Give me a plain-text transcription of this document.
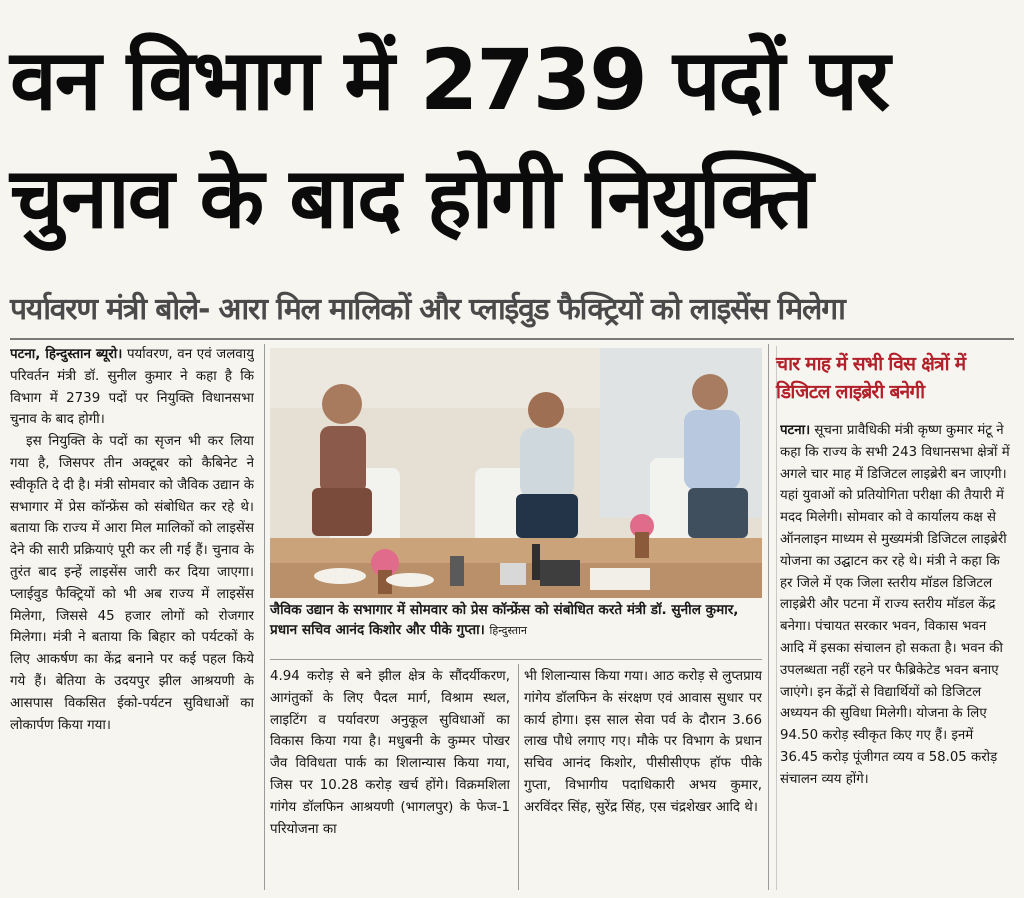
वन विभाग में 2739 पदों पर
चुनाव के बाद होगी नियुक्ति
पर्यावरण मंत्री बोले- आरा मिल मालिकों और प्लाईवुड फैक्ट्रियों को लाइसेंस मिलेगा

पटना, हिन्दुस्तान ब्यूरो। पर्यावरण, वन एवं जलवायु परिवर्तन मंत्री डॉ. सुनील कुमार ने कहा है कि विभाग में 2739 पदों पर नियुक्ति विधानसभा चुनाव के बाद होगी।

इस नियुक्ति के पदों का सृजन भी कर लिया गया है, जिसपर तीन अक्टूबर को कैबिनेट ने स्वीकृति दे दी है। मंत्री सोमवार को जैविक उद्यान के सभागार में प्रेस कॉन्फ्रेंस को संबोधित कर रहे थे। बताया कि राज्य में आरा मिल मालिकों को लाइसेंस देने की सारी प्रक्रियाएं पूरी कर ली गई हैं। चुनाव के तुरंत बाद इन्हें लाइसेंस जारी कर दिया जाएगा। प्लाईवुड फैक्ट्रियों को भी अब राज्य में लाइसेंस मिलेगा, जिससे 45 हजार लोगों को रोजगार मिलेगा। मंत्री ने बताया कि बिहार को पर्यटकों के लिए आकर्षण का केंद्र बनाने पर कई पहल किये गये हैं। बेतिया के उदयपुर झील आश्रयणी के आसपास विकसित ईको-पर्यटन सुविधाओं का लोकार्पण किया गया।

जैविक उद्यान के सभागार में सोमवार को प्रेस कॉन्फ्रेंस को संबोधित करते मंत्री डॉ. सुनील कुमार, प्रधान सचिव आनंद किशोर और पीके गुप्ता। हिन्दुस्तान
4.94 करोड़ से बने झील क्षेत्र के सौंदर्यीकरण, आगंतुकों के लिए पैदल मार्ग, विश्राम स्थल, लाइटिंग व पर्यावरण अनुकूल सुविधाओं का विकास किया गया है। मधुबनी के कुम्मर पोखर जैव विविधता पार्क का शिलान्यास किया गया, जिस पर 10.28 करोड़ खर्च होंगे। विक्रमशिला गांगेय डॉलफिन आश्रयणी (भागलपुर) के फेज-1 परियोजना का
भी शिलान्यास किया गया। आठ करोड़ से लुप्तप्राय गांगेय डॉलफिन के संरक्षण एवं आवास सुधार पर कार्य होगा। इस साल सेवा पर्व के दौरान 3.66 लाख पौधे लगाए गए। मौके पर विभाग के प्रधान सचिव आनंद किशोर, पीसीसीएफ हॉफ पीके गुप्ता, विभागीय पदाधिकारी अभय कुमार, अरविंदर सिंह, सुरेंद्र सिंह, एस चंद्रशेखर आदि थे।
चार माह में सभी विस क्षेत्रों में डिजिटल लाइब्रेरी बनेगी
पटना। सूचना प्रावैधिकी मंत्री कृष्ण कुमार मंटू ने कहा कि राज्य के सभी 243 विधानसभा क्षेत्रों में अगले चार माह में डिजिटल लाइब्रेरी बन जाएगी। यहां युवाओं को प्रतियोगिता परीक्षा की तैयारी में मदद मिलेगी। सोमवार को वे कार्यालय कक्ष से ऑनलाइन माध्यम से मुख्यमंत्री डिजिटल लाइब्रेरी योजना का उद्घाटन कर रहे थे। मंत्री ने कहा कि हर जिले में एक जिला स्तरीय मॉडल डिजिटल लाइब्रेरी और पटना में राज्य स्तरीय मॉडल केंद्र बनेगा। पंचायत सरकार भवन, विकास भवन आदि में इसका संचालन हो सकता है। भवन की उपलब्धता नहीं रहने पर फैब्रिकेटेड भवन बनाए जाएंगे। इन केंद्रों से विद्यार्थियों को डिजिटल अध्ययन की सुविधा मिलेगी। योजना के लिए 94.50 करोड़ स्वीकृत किए गए हैं। इनमें 36.45 करोड़ पूंजीगत व्यय व 58.05 करोड़ संचालन व्यय होंगे।
